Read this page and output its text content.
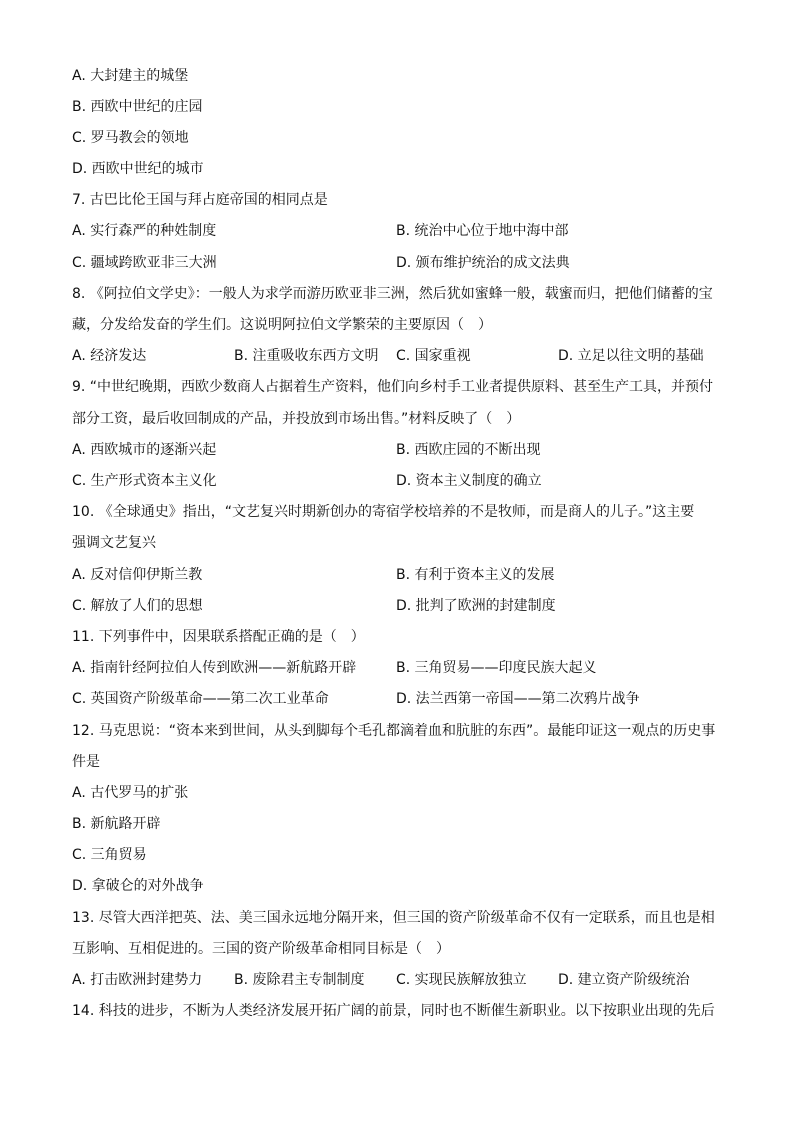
A. 大封建主的城堡
B. 西欧中世纪的庄园
C. 罗马教会的领地
D. 西欧中世纪的城市
7. 古巴比伦王国与拜占庭帝国的相同点是
A. 实行森严的种姓制度	B. 统治中心位于地中海中部
C. 疆域跨欧亚非三大洲	D. 颁布维护统治的成文法典
8. 《阿拉伯文学史》：一般人为求学而游历欧亚非三洲，然后犹如蜜蜂一般，载蜜而归，把他们储蓄的宝
藏，分发给发奋的学生们。这说明阿拉伯文学繁荣的主要原因（　）
A. 经济发达	B. 注重吸收东西方文明 C. 国家重视	D. 立足以往文明的基础
9. “中世纪晚期，西欧少数商人占据着生产资料，他们向乡村手工业者提供原料、甚至生产工具，并预付
部分工资，最后收回制成的产品，并投放到市场出售。”材料反映了（　）
A. 西欧城市的逐渐兴起	B. 西欧庄园的不断出现
C. 生产形式资本主义化	D. 资本主义制度的确立
10. 《全球通史》指出，“文艺复兴时期新创办的寄宿学校培养的不是牧师，而是商人的儿子。”这主要
强调文艺复兴
A. 反对信仰伊斯兰教	B. 有利于资本主义的发展
C. 解放了人们的思想	D. 批判了欧洲的封建制度
11. 下列事件中，因果联系搭配正确的是（　）
A. 指南针经阿拉伯人传到欧洲——新航路开辟	B. 三角贸易——印度民族大起义
C. 英国资产阶级革命——第二次工业革命	D. 法兰西第一帝国——第二次鸦片战争
12. 马克思说：“资本来到世间，从头到脚每个毛孔都滴着血和肮脏的东西”。最能印证这一观点的历史事
件是
A. 古代罗马的扩张
B. 新航路开辟
C. 三角贸易
D. 拿破仑的对外战争
13. 尽管大西洋把英、法、美三国永远地分隔开来，但三国的资产阶级革命不仅有一定联系，而且也是相
互影响、互相促进的。三国的资产阶级革命相同目标是（　）
A. 打击欧洲封建势力 B. 废除君主专制制度 C. 实现民族解放独立 D. 建立资产阶级统治
14. 科技的进步，不断为人类经济发展开拓广阔的前景，同时也不断催生新职业。以下按职业出现的先后
